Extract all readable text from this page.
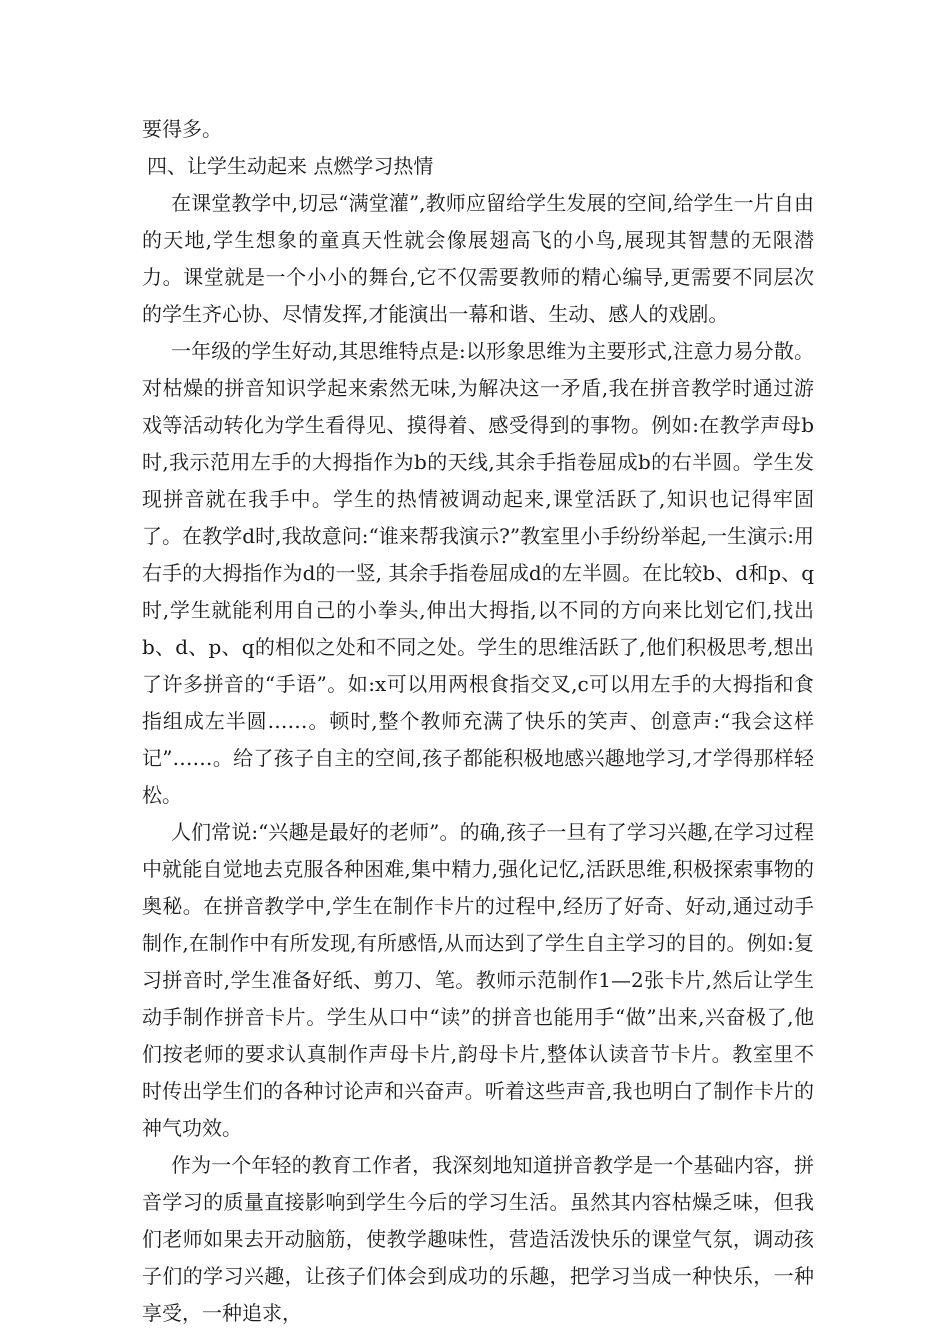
要得多。

四、让学生动起来 点燃学习热情

在课堂教学中,切忌“满堂灌”,教师应留给学生发展的空间,给学生一片自由的天地,学生想象的童真天性就会像展翅高飞的小鸟,展现其智慧的无限潜力。课堂就是一个小小的舞台,它不仅需要教师的精心编导,更需要不同层次的学生齐心协、尽情发挥,才能演出一幕和谐、生动、感人的戏剧。

一年级的学生好动,其思维特点是:以形象思维为主要形式,注意力易分散。对枯燥的拼音知识学起来索然无味,为解决这一矛盾,我在拼音教学时通过游戏等活动转化为学生看得见、摸得着、感受得到的事物。例如:在教学声母b时,我示范用左手的大拇指作为b的天线,其余手指卷屈成b的右半圆。学生发现拼音就在我手中。学生的热情被调动起来,课堂活跃了,知识也记得牢固了。在教学d时,我故意问:“谁来帮我演示?”教室里小手纷纷举起,一生演示:用右手的大拇指作为d的一竖, 其余手指卷屈成d的左半圆。在比较b、d和p、q时,学生就能利用自己的小拳头,伸出大拇指,以不同的方向来比划它们,找出b、d、p、q的相似之处和不同之处。学生的思维活跃了,他们积极思考,想出了许多拼音的“手语”。如:x可以用两根食指交叉,c可以用左手的大拇指和食指组成左半圆……。顿时,整个教师充满了快乐的笑声、创意声:“我会这样记”……。给了孩子自主的空间,孩子都能积极地感兴趣地学习,才学得那样轻松。

人们常说:“兴趣是最好的老师”。的确,孩子一旦有了学习兴趣,在学习过程中就能自觉地去克服各种困难,集中精力,强化记忆,活跃思维,积极探索事物的奥秘。在拼音教学中,学生在制作卡片的过程中,经历了好奇、好动,通过动手制作,在制作中有所发现,有所感悟,从而达到了学生自主学习的目的。例如:复习拼音时,学生准备好纸、剪刀、笔。教师示范制作1—2张卡片,然后让学生动手制作拼音卡片。学生从口中“读”的拼音也能用手“做”出来,兴奋极了,他们按老师的要求认真制作声母卡片,韵母卡片,整体认读音节卡片。教室里不时传出学生们的各种讨论声和兴奋声。听着这些声音,我也明白了制作卡片的神气功效。

作为一个年轻的教育工作者，我深刻地知道拼音教学是一个基础内容，拼音学习的质量直接影响到学生今后的学习生活。虽然其内容枯燥乏味，但我们老师如果去开动脑筋，使教学趣味性，营造活泼快乐的课堂气氛，调动孩子们的学习兴趣，让孩子们体会到成功的乐趣，把学习当成一种快乐，一种享受，一种追求，
